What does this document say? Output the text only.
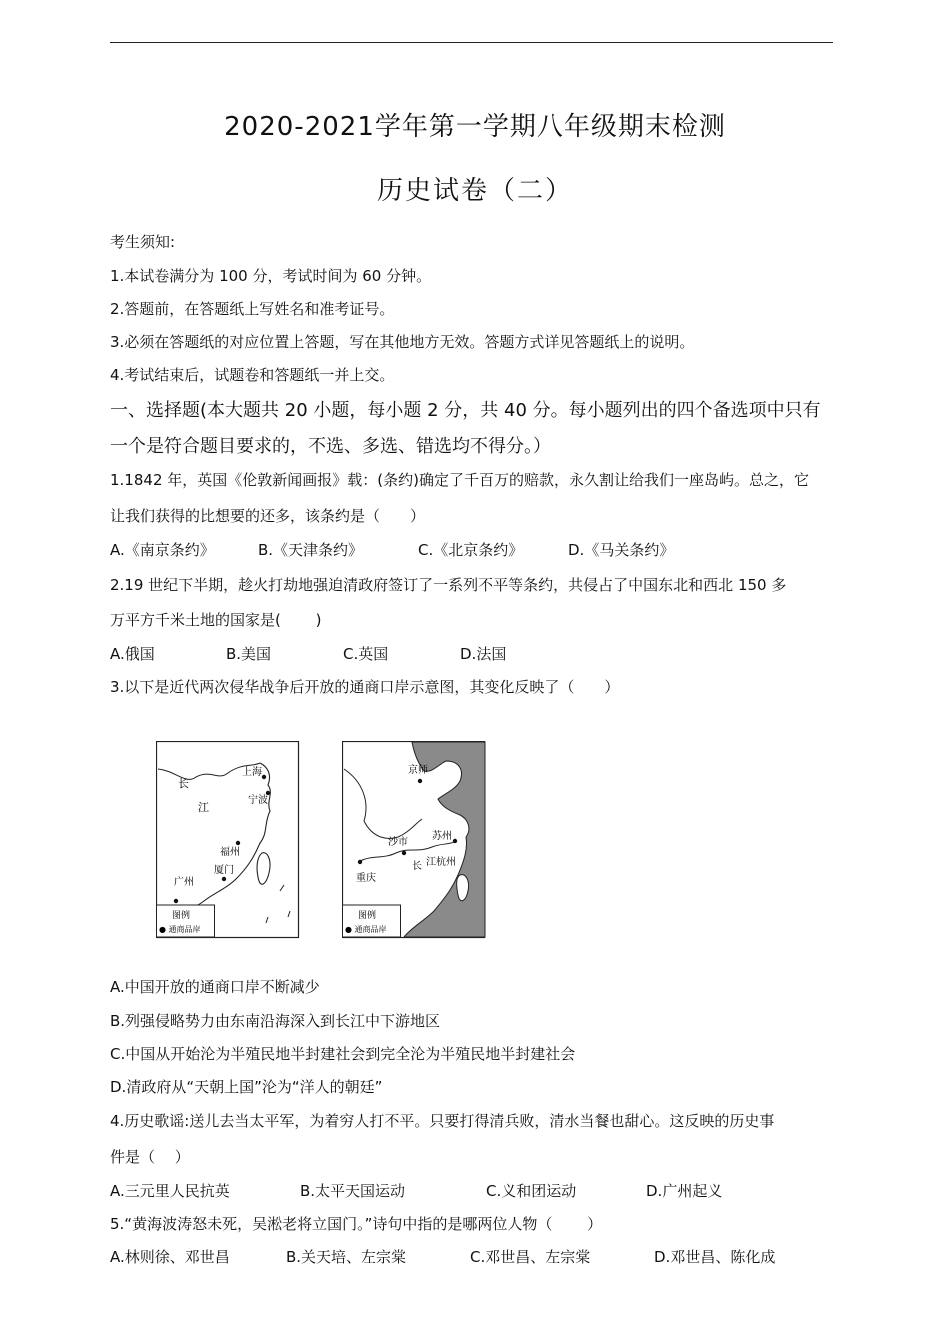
2020-2021学年第一学期八年级期末检测
历史试卷（二）
考生须知:
1.本试卷满分为 100 分，考试时间为 60 分钟。
2.答题前，在答题纸上写姓名和准考证号。
3.必须在答题纸的对应位置上答题，写在其他地方无效。答题方式详见答题纸上的说明。
4.考试结束后，试题卷和答题纸一并上交。
一、选择题(本大题共 20 小题，每小题 2 分，共 40 分。每小题列出的四个备选项中只有
一个是符合题目要求的，不选、多选、错选均不得分。）
1.1842 年，英国《伦敦新闻画报》载：(条约)确定了千百万的赔款，永久割让给我们一座岛屿。总之，它
让我们获得的比想要的还多，该条约是（　　）
A.《南京条约》	B.《天津条约》	C.《北京条约》	D.《马关条约》
2.19 世纪下半期，趁火打劫地强迫清政府签订了一系列不平等条约，共侵占了中国东北和西北 150 多
万平方千米土地的国家是(　　 )
A.俄国	B.美国	C.英国	D.法国
3.以下是近代两次侵华战争后开放的通商口岸示意图，其变化反映了（　　）
长
江
上海
宁波
福州
厦门
广州
图例
● 通商品岸
京师
苏州
沙市
长 江 杭州
重庆
图例
● 通商品岸
A.中国开放的通商口岸不断减少
B.列强侵略势力由东南沿海深入到长江中下游地区
C.中国从开始沦为半殖民地半封建社会到完全沦为半殖民地半封建社会
D.清政府从“天朝上国”沦为“洋人的朝廷”
4.历史歌谣:送儿去当太平军，为着穷人打不平。只要打得清兵败，清水当餐也甜心。这反映的历史事
件是（　 ）
A.三元里人民抗英	B.太平天国运动	C.义和团运动	D.广州起义
5.“黄海波涛怒未死，吴淞老将立国门。”诗句中指的是哪两位人物（　　 ）
A.林则徐、邓世昌	B.关天培、左宗棠	C.邓世昌、左宗棠	D.邓世昌、陈化成
